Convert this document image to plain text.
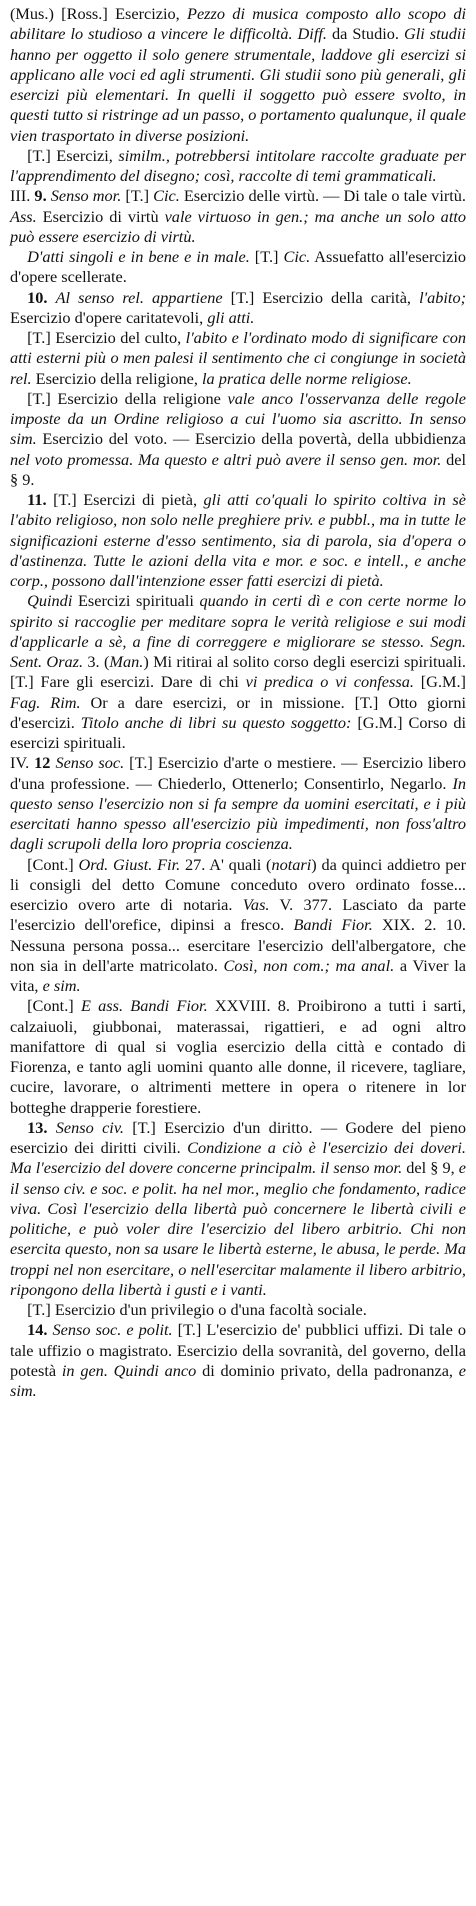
(Mus.) [Ross.] Esercizio, Pezzo di musica composto allo scopo di abilitare lo studioso a vincere le difficoltà. Diff. da Studio. Gli studii hanno per oggetto il solo genere strumentale, laddove gli esercizi si applicano alle voci ed agli strumenti. Gli studii sono più generali, gli esercizi più elementari. In quelli il soggetto può essere svolto, in questi tutto si ristringe ad un passo, o portamento qualunque, il quale vien trasportato in diverse posizioni.

[T.] Esercizi, similm., potrebbersi intitolare raccolte graduate per l'apprendimento del disegno; così, raccolte di temi grammaticali.

III. 9. Senso mor. [T.] Cic. Esercizio delle virtù. — Di tale o tale virtù. Ass. Esercizio di virtù vale virtuoso in gen.; ma anche un solo atto può essere esercizio di virtù.

D'atti singoli e in bene e in male. [T.] Cic. Assuefatto all'esercizio d'opere scellerate.

10. Al senso rel. appartiene [T.] Esercizio della carità, l'abito; Esercizio d'opere caritatevoli, gli atti.

[T.] Esercizio del culto, l'abito e l'ordinato modo di significare con atti esterni più o men palesi il sentimento che ci congiunge in società rel. Esercizio della religione, la pratica delle norme religiose.

[T.] Esercizio della religione vale anco l'osservanza delle regole imposte da un Ordine religioso a cui l'uomo sia ascritto. In senso sim. Esercizio del voto. — Esercizio della povertà, della ubbidienza nel voto promessa. Ma questo e altri può avere il senso gen. mor. del § 9.

11. [T.] Esercizi di pietà, gli atti co'quali lo spirito coltiva in sè l'abito religioso, non solo nelle preghiere priv. e pubbl., ma in tutte le significazioni esterne d'esso sentimento, sia di parola, sia d'opera o d'astinenza. Tutte le azioni della vita e mor. e soc. e intell., e anche corp., possono dall'intenzione esser fatti esercizi di pietà.

Quindi Esercizi spirituali quando in certi dì e con certe norme lo spirito si raccoglie per meditare sopra le verità religiose e sui modi d'applicarle a sè, a fine di correggere e migliorare se stesso. Segn. Sent. Oraz. 3. (Man.) Mi ritirai al solito corso degli esercizi spirituali. [T.] Fare gli esercizi. Dare di chi vi predica o vi confessa. [G.M.] Fag. Rim. Or a dare esercizi, or in missione. [T.] Otto giorni d'esercizi. Titolo anche di libri su questo soggetto: [G.M.] Corso di esercizi spirituali.

IV. 12 Senso soc. [T.] Esercizio d'arte o mestiere. — Esercizio libero d'una professione. — Chiederlo, Ottenerlo; Consentirlo, Negarlo. In questo senso l'esercizio non si fa sempre da uomini esercitati, e i più esercitati hanno spesso all'esercizio più impedimenti, non foss'altro dagli scrupoli della loro propria coscienza.

[Cont.] Ord. Giust. Fir. 27. A' quali (notari) da quinci addietro per li consigli del detto Comune conceduto overo ordinato fosse... esercizio overo arte di notaria. Vas. V. 377. Lasciato da parte l'esercizio dell'orefice, dipinsi a fresco. Bandi Fior. XIX. 2. 10. Nessuna persona possa... esercitare l'esercizio dell'albergatore, che non sia in dell'arte matricolato. Così, non com.; ma anal. a Viver la vita, e sim.

[Cont.] E ass. Bandi Fior. XXVIII. 8. Proibirono a tutti i sarti, calzaiuoli, giubbonai, materassai, rigattieri, e ad ogni altro manifattore di qual si voglia esercizio della città e contado di Fiorenza, e tanto agli uomini quanto alle donne, il ricevere, tagliare, cucire, lavorare, o altrimenti mettere in opera o ritenere in lor botteghe drapperie forestiere.

13. Senso civ. [T.] Esercizio d'un diritto. — Godere del pieno esercizio dei diritti civili. Condizione a ciò è l'esercizio dei doveri. Ma l'esercizio del dovere concerne principalm. il senso mor. del § 9, e il senso civ. e soc. e polit. ha nel mor., meglio che fondamento, radice viva. Così l'esercizio della libertà può concernere le libertà civili e politiche, e può voler dire l'esercizio del libero arbitrio. Chi non esercita questo, non sa usare le libertà esterne, le abusa, le perde. Ma troppi nel non esercitare, o nell'esercitar malamente il libero arbitrio, ripongono della libertà i gusti e i vanti.

[T.] Esercizio d'un privilegio o d'una facoltà sociale.

14. Senso soc. e polit. [T.] L'esercizio de' pubblici uffizi. Di tale o tale uffizio o magistrato. Esercizio della sovranità, del governo, della potestà in gen. Quindi anco di dominio privato, della padronanza, e sim.
